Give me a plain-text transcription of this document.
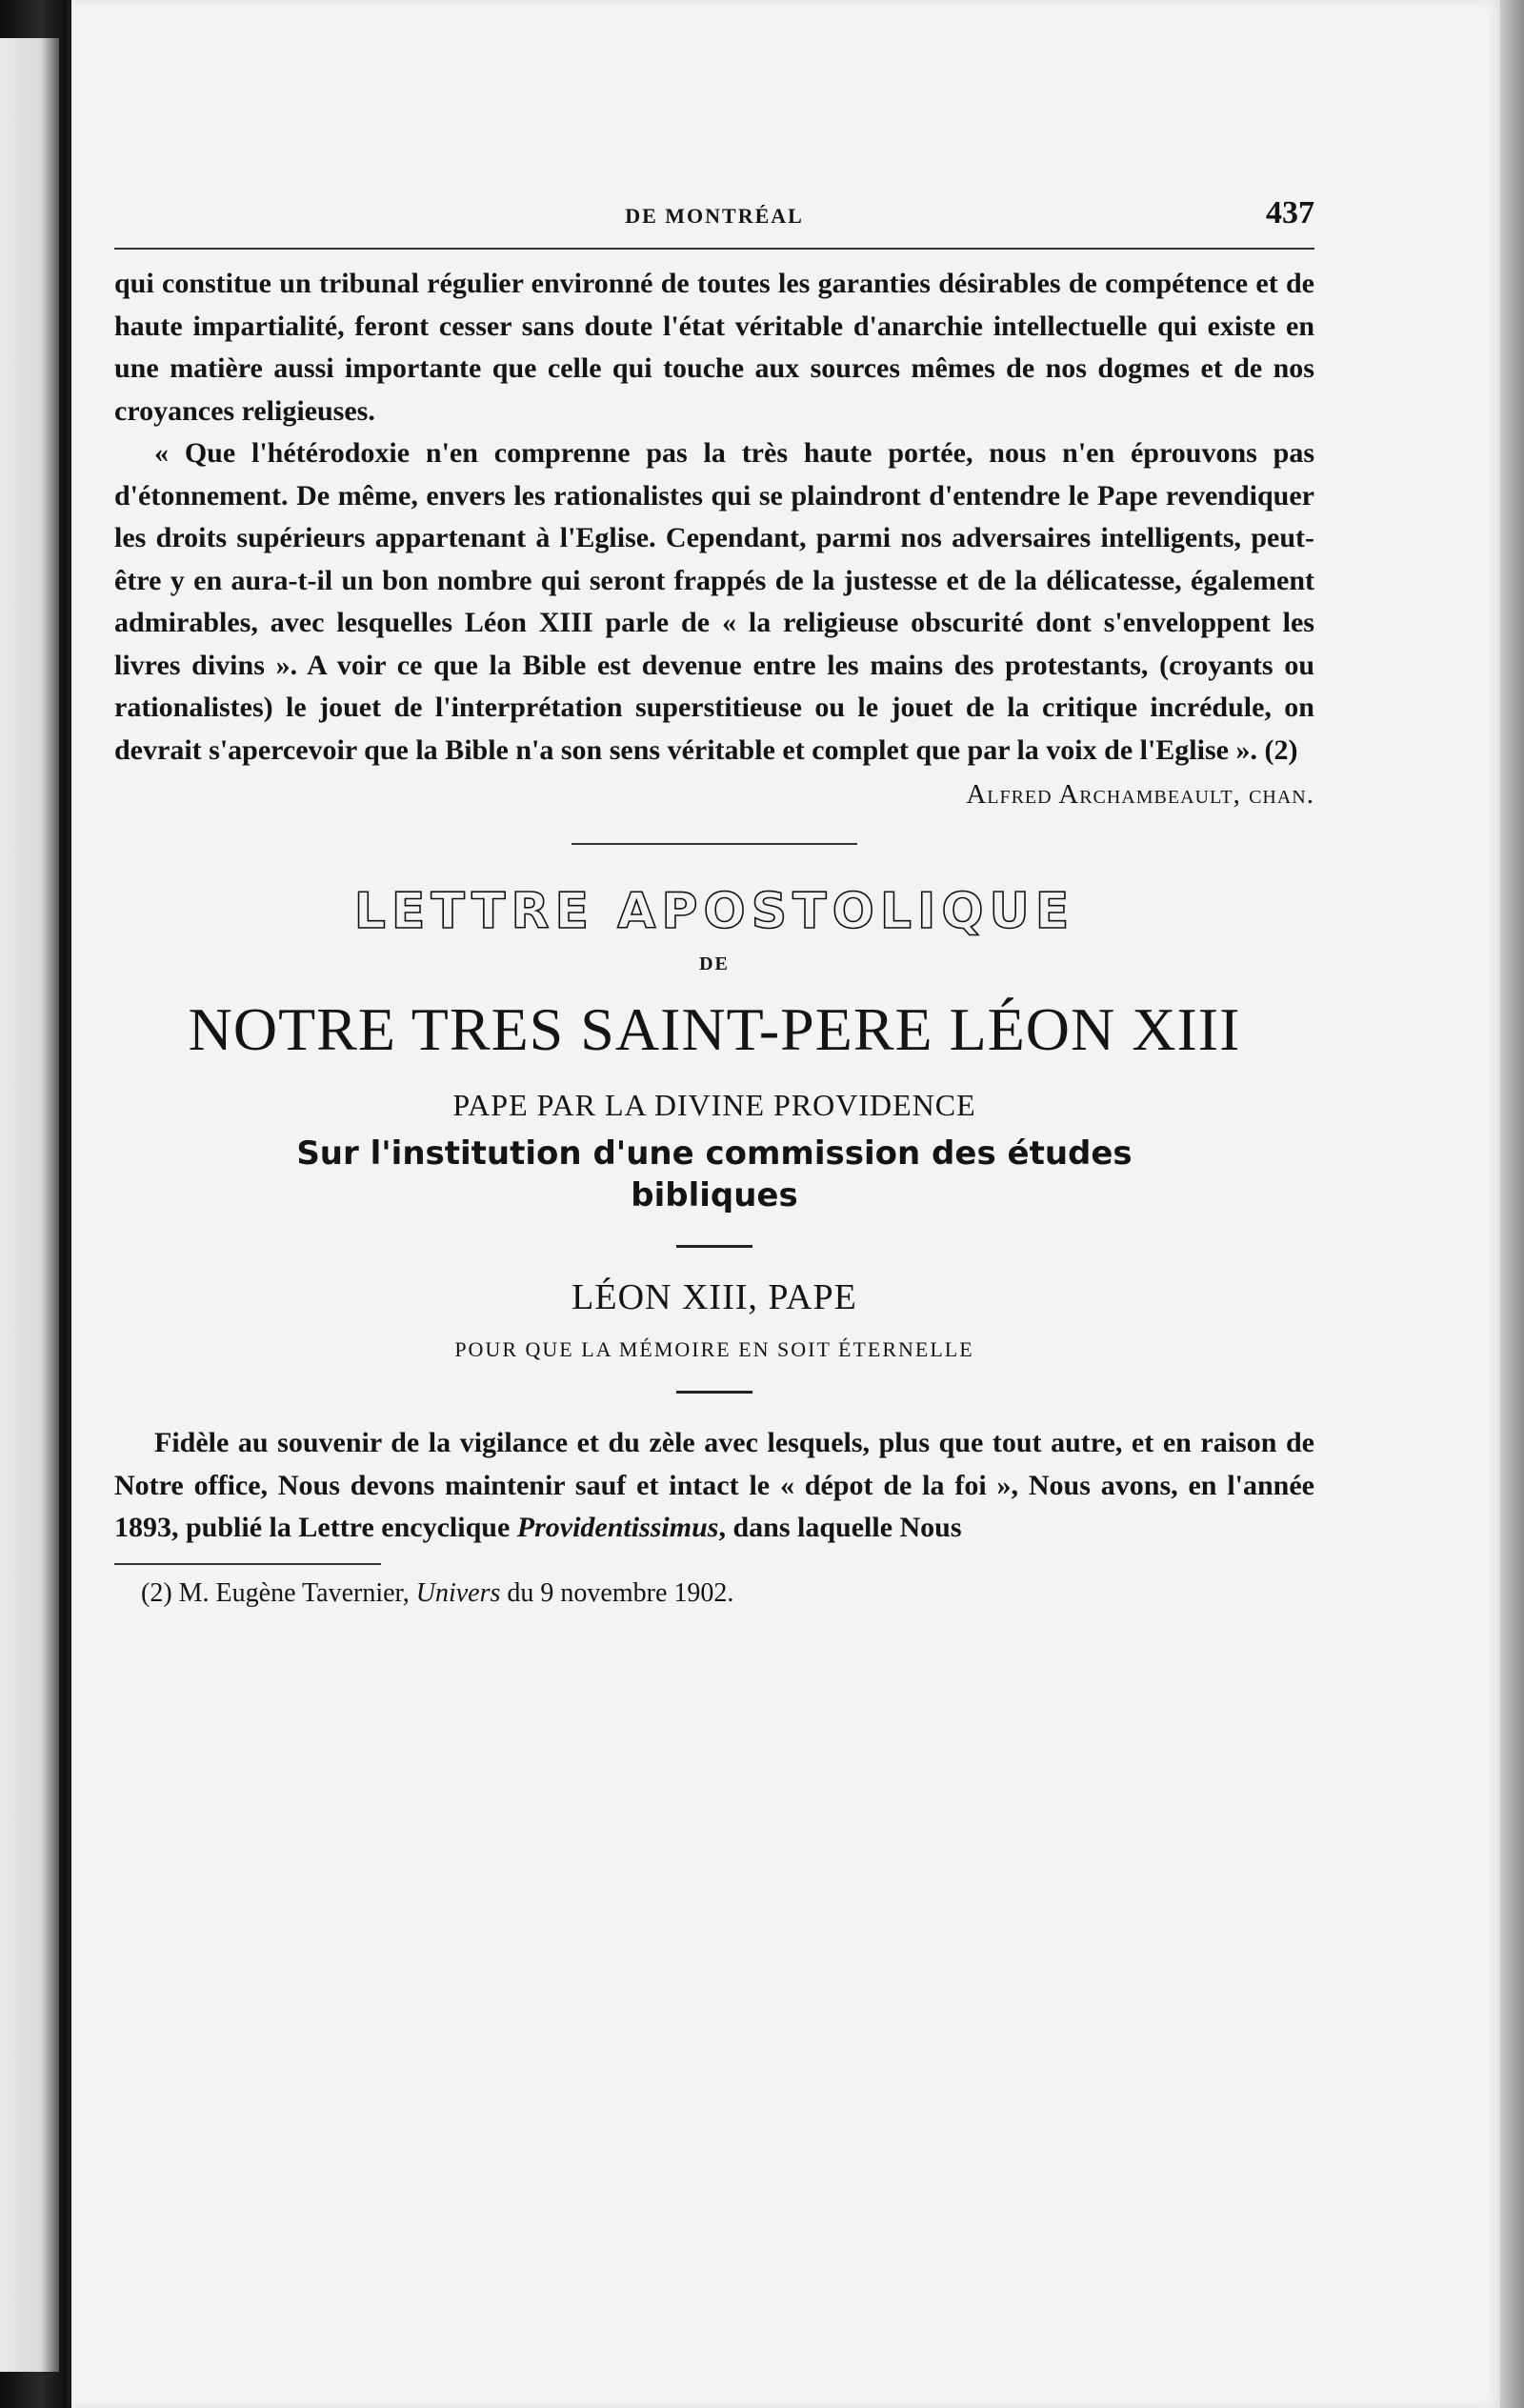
DE MONTRÉAL	437

qui constitue un tribunal régulier environné de toutes les garanties désirables de compétence et de haute impartialité, feront cesser sans doute l'état véritable d'anarchie intellectuelle qui existe en une matière aussi importante que celle qui touche aux sources mêmes de nos dogmes et de nos croyances religieuses.

« Que l'hétérodoxie n'en comprenne pas la très haute portée, nous n'en éprouvons pas d'étonnement. De même, envers les rationalistes qui se plaindront d'entendre le Pape revendiquer les droits supérieurs appartenant à l'Eglise. Cependant, parmi nos adversaires intelligents, peut-être y en aura-t-il un bon nombre qui seront frappés de la justesse et de la délicatesse, également admirables, avec lesquelles Léon XIII parle de « la religieuse obscurité dont s'enveloppent les livres divins ». A voir ce que la Bible est devenue entre les mains des protestants, (croyants ou rationalistes) le jouet de l'interprétation superstitieuse ou le jouet de la critique incrédule, on devrait s'apercevoir que la Bible n'a son sens véritable et complet que par la voix de l'Eglise ». (2)

Alfred Archambeault, chan.
LETTRE APOSTOLIQUE
DE
NOTRE TRES SAINT-PERE LÉON XIII
PAPE PAR LA DIVINE PROVIDENCE
Sur l'institution d'une commission des études bibliques
LÉON XIII, PAPE
POUR QUE LA MÉMOIRE EN SOIT ÉTERNELLE

Fidèle au souvenir de la vigilance et du zèle avec lesquels, plus que tout autre, et en raison de Notre office, Nous devons maintenir sauf et intact le « dépot de la foi », Nous avons, en l'année 1893, publié la Lettre encyclique Providentissimus, dans laquelle Nous

(2) M. Eugène Tavernier, Univers du 9 novembre 1902.
